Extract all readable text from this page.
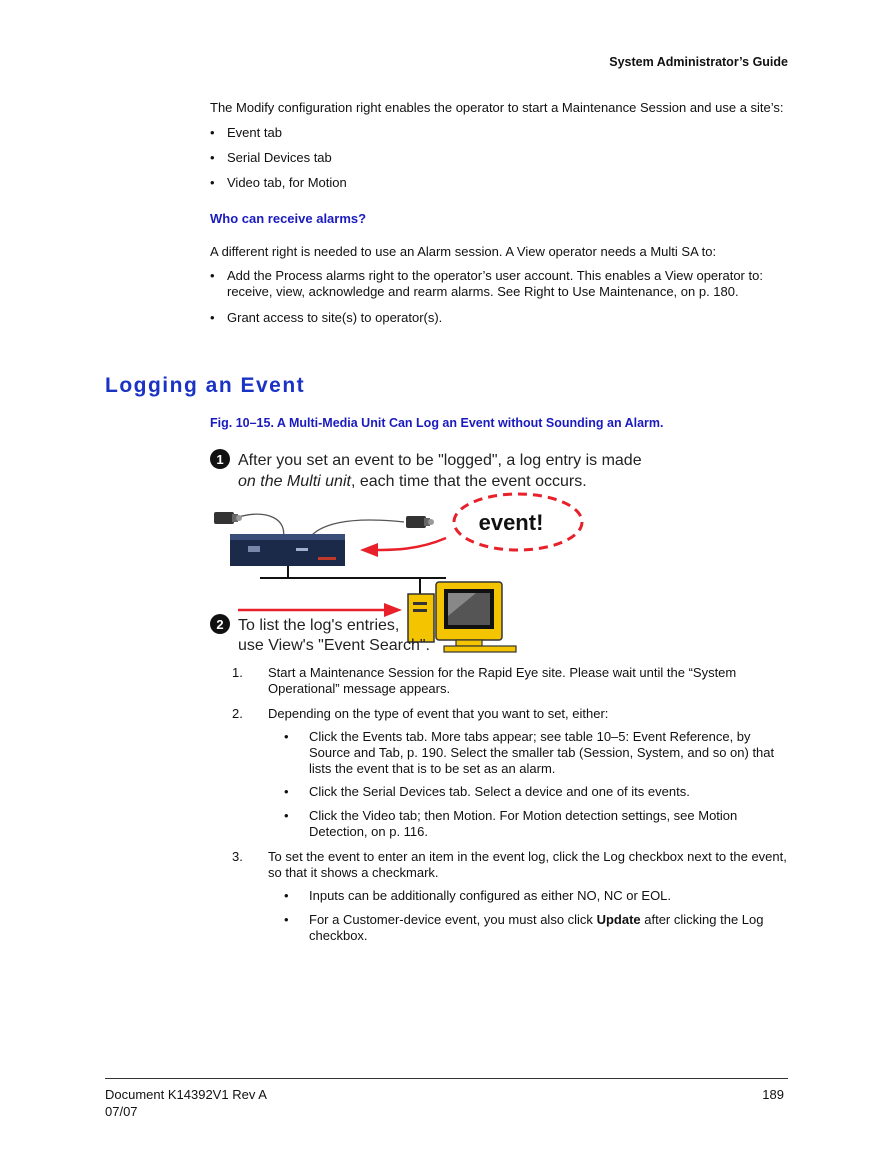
System Administrator’s Guide
The Modify configuration right enables the operator to start a Maintenance Session and use a site’s:
• Event tab
• Serial Devices tab
• Video tab, for Motion
Who can receive alarms?
A different right is needed to use an Alarm session. A View operator needs a Multi SA to:
• Add the Process alarms right to the operator’s user account. This enables a View operator to: receive, view, acknowledge and rearm alarms. See Right to Use Maintenance, on p. 180.
• Grant access to site(s) to operator(s).
Logging an Event
Fig. 10–15. A Multi-Media Unit Can Log an Event without Sounding an Alarm.
1 After you set an event to be "logged", a log entry is made
on the Multi unit, each time that the event occurs.
event!
2 To list the log's entries,
use View's "Event Search".
1. Start a Maintenance Session for the Rapid Eye site. Please wait until the “System Operational” message appears.
2. Depending on the type of event that you want to set, either:
• Click the Events tab. More tabs appear; see table 10–5: Event Reference, by Source and Tab, p. 190. Select the smaller tab (Session, System, and so on) that lists the event that is to be set as an alarm.
• Click the Serial Devices tab. Select a device and one of its events.
• Click the Video tab; then Motion. For Motion detection settings, see Motion Detection, on p. 116.
3. To set the event to enter an item in the event log, click the Log checkbox next to the event, so that it shows a checkmark.
• Inputs can be additionally configured as either NO, NC or EOL.
• For a Customer-device event, you must also click Update after clicking the Log checkbox.
Document K14392V1 Rev A
07/07
189
